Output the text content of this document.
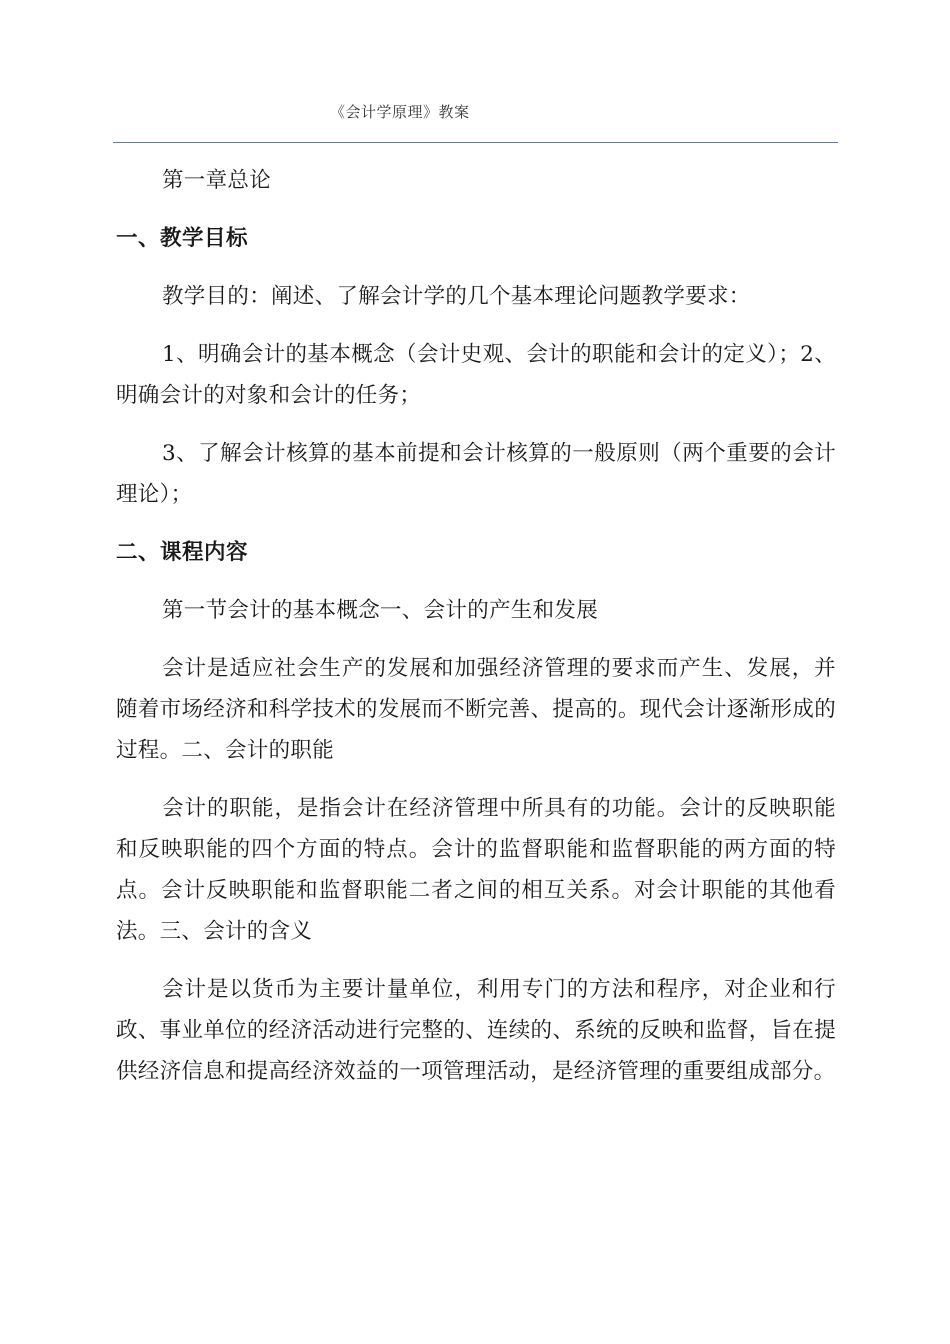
《会计学原理》教案

第一章总论

一、教学目标

教学目的：阐述、了解会计学的几个基本理论问题教学要求：

1、明确会计的基本概念（会计史观、会计的职能和会计的定义）；2、明确会计的对象和会计的任务；

3、了解会计核算的基本前提和会计核算的一般原则（两个重要的会计理论）；

二、课程内容

第一节会计的基本概念一、会计的产生和发展

会计是适应社会生产的发展和加强经济管理的要求而产生、发展，并随着市场经济和科学技术的发展而不断完善、提高的。现代会计逐渐形成的过程。二、会计的职能

会计的职能，是指会计在经济管理中所具有的功能。会计的反映职能和反映职能的四个方面的特点。会计的监督职能和监督职能的两方面的特点。会计反映职能和监督职能二者之间的相互关系。对会计职能的其他看法。三、会计的含义

会计是以货币为主要计量单位，利用专门的方法和程序，对企业和行政、事业单位的经济活动进行完整的、连续的、系统的反映和监督，旨在提供经济信息和提高经济效益的一项管理活动，是经济管理的重要组成部分。
